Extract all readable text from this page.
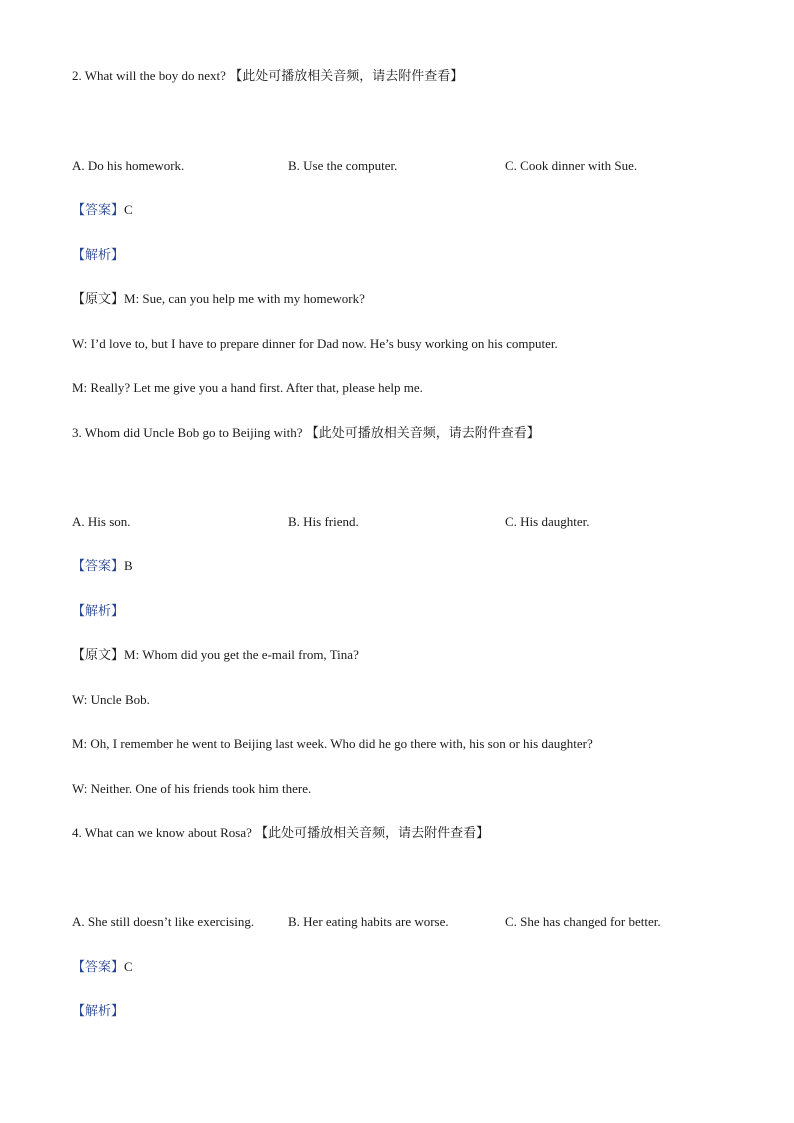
2. What will the boy do next? 【此处可播放相关音频，请去附件查看】
A. Do his homework.	B. Use the computer.	C. Cook dinner with Sue.
【答案】C
【解析】
【原文】M: Sue, can you help me with my homework?
W: I’d love to, but I have to prepare dinner for Dad now. He’s busy working on his computer.
M: Really? Let me give you a hand first. After that, please help me.
3. Whom did Uncle Bob go to Beijing with? 【此处可播放相关音频，请去附件查看】
A. His son.	B. His friend.	C. His daughter.
【答案】B
【解析】
【原文】M: Whom did you get the e-mail from, Tina?
W: Uncle Bob.
M: Oh, I remember he went to Beijing last week. Who did he go there with, his son or his daughter?
W: Neither. One of his friends took him there.
4. What can we know about Rosa? 【此处可播放相关音频，请去附件查看】
A. She still doesn’t like exercising.	B. Her eating habits are worse.	C. She has changed for better.
【答案】C
【解析】
